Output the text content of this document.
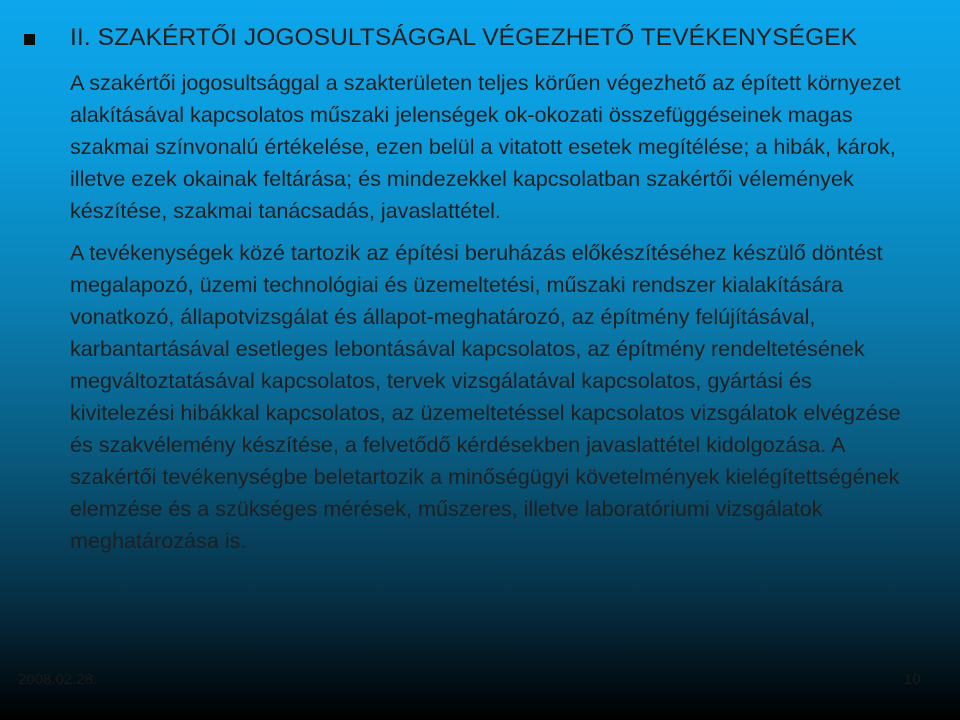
II. SZAKÉRTŐI JOGOSULTSÁGGAL VÉGEZHETŐ TEVÉKENYSÉGEK

A szakértői jogosultsággal a szakterületen teljes körűen végezhető az épített környezet alakításával kapcsolatos műszaki jelenségek ok-okozati összefüggéseinek magas szakmai színvonalú értékelése, ezen belül a vitatott esetek megítélése; a hibák, károk, illetve ezek okainak feltárása; és mindezekkel kapcsolatban szakértői vélemények készítése, szakmai tanácsadás, javaslattétel.

A tevékenységek közé tartozik az építési beruházás előkészítéséhez készülő döntést megalapozó, üzemi technológiai és üzemeltetési, műszaki rendszer kialakítására vonatkozó, állapotvizsgálat és állapot-meghatározó, az építmény felújításával, karbantartásával esetleges lebontásával kapcsolatos, az építmény rendeltetésének megváltoztatásával kapcsolatos, tervek vizsgálatával kapcsolatos, gyártási és kivitelezési hibákkal kapcsolatos, az üzemeltetéssel kapcsolatos vizsgálatok elvégzése és szakvélemény készítése, a felvetődő kérdésekben javaslattétel kidolgozása. A szakértői tevékenységbe beletartozik a minőségügyi követelmények kielégítettségének elemzése és a szükséges mérések, műszeres, illetve laboratóriumi vizsgálatok meghatározása is.

2008.02.28.	10
